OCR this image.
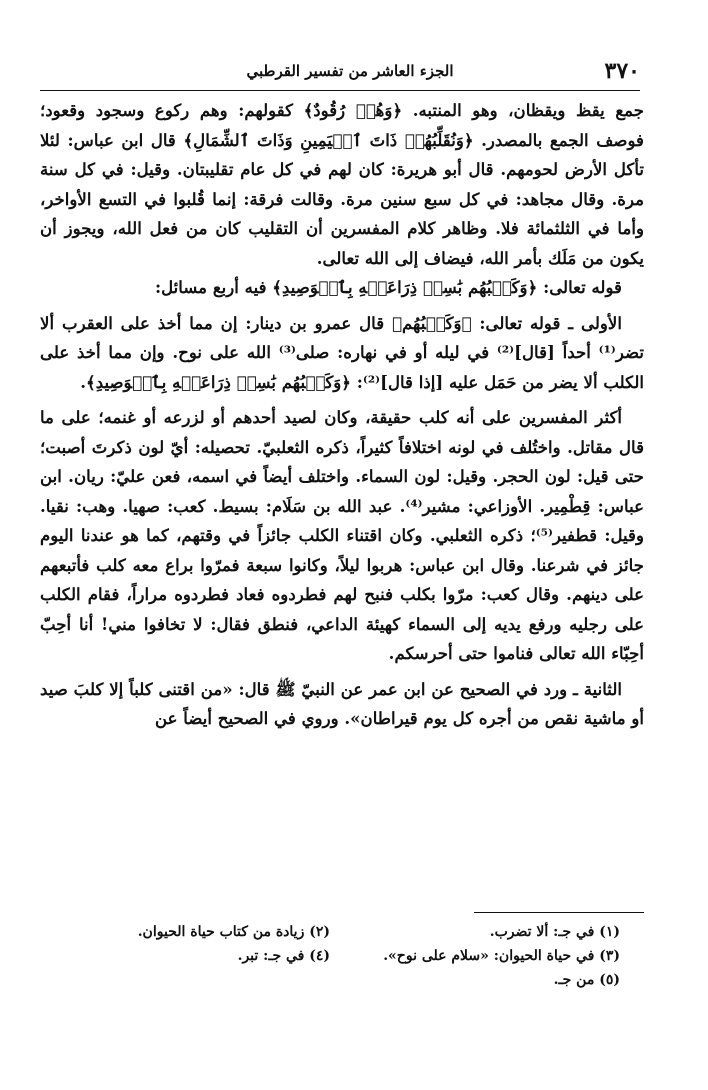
٣٧٠
الجزء العاشر من تفسير القرطبي

جمع يقظ ويقظان، وهو المنتبه. ﴿وَهُمۡ رُقُودٌ﴾ كقولهم: وهم ركوع وسجود وقعود؛ فوصف الجمع بالمصدر. ﴿وَنُقَلِّبُهُمۡ ذَاتَ ٱلۡيَمِينِ وَذَاتَ ٱلشِّمَالِ﴾ قال ابن عباس: لئلا تأكل الأرض لحومهم. قال أبو هريرة: كان لهم في كل عام تقليبتان. وقيل: في كل سنة مرة. وقال مجاهد: في كل سبع سنين مرة. وقالت فرقة: إنما قُلبوا في التسع الأواخر، وأما في الثلثمائة فلا. وظاهر كلام المفسرين أن التقليب كان من فعل الله، ويجوز أن يكون من مَلَك بأمر الله، فيضاف إلى الله تعالى.

قوله تعالى: ﴿وَكَلۡبُهُم بَٰسِطٞ ذِرَاعَيۡهِ بِٱلۡوَصِيدِ﴾ فيه أربع مسائل:

الأولى ـ قوله تعالى: ﴿وَكَلۡبُهُم﴾ قال عمرو بن دينار: إن مما أخذ على العقرب ألا تضر⁽¹⁾ أحداً [قال]⁽²⁾ في ليله أو في نهاره: صلى⁽³⁾ الله على نوح. وإن مما أخذ على الكلب ألا يضر من حَمَل عليه [إذا قال]⁽²⁾: ﴿وَكَلۡبُهُم بَٰسِطٞ ذِرَاعَيۡهِ بِٱلۡوَصِيدِ﴾.

أكثر المفسرين على أنه كلب حقيقة، وكان لصيد أحدهم أو لزرعه أو غنمه؛ على ما قال مقاتل. واختُلف في لونه اختلافاً كثيراً، ذكره الثعلبيّ. تحصيله: أيّ لون ذكرتَ أصبت؛ حتى قيل: لون الحجر. وقيل: لون السماء. واختلف أيضاً في اسمه، فعن عليّ: ريان. ابن عباس: قِطْمِير. الأوزاعي: مشير⁽⁴⁾. عبد الله بن سَلَام: بسيط. كعب: صهيا. وهب: نقيا. وقيل: قطفير⁽⁵⁾؛ ذكره الثعلبي. وكان اقتناء الكلب جائزاً في وقتهم، كما هو عندنا اليوم جائز في شرعنا. وقال ابن عباس: هربوا ليلاً، وكانوا سبعة فمرّوا براع معه كلب فأتبعهم على دينهم. وقال كعب: مرّوا بكلب فنبح لهم فطردوه فعاد فطردوه مراراً، فقام الكلب على رجليه ورفع يديه إلى السماء كهيئة الداعي، فنطق فقال: لا تخافوا مني! أنا أحِبّ أحِبّاء الله تعالى فناموا حتى أحرسكم.

الثانية ـ ورد في الصحيح عن ابن عمر عن النبيّ ﷺ قال: «من اقتنى كلباً إلا كلبَ صيد أو ماشية نقص من أجره كل يوم قيراطان». وروي في الصحيح أيضاً عن

(١) في جـ: ألا تضرب.
(٢) زيادة من كتاب حياة الحيوان.
(٣) في حياة الحيوان: «سلام على نوح».
(٤) في جـ: تبر.
(٥) من جـ.
